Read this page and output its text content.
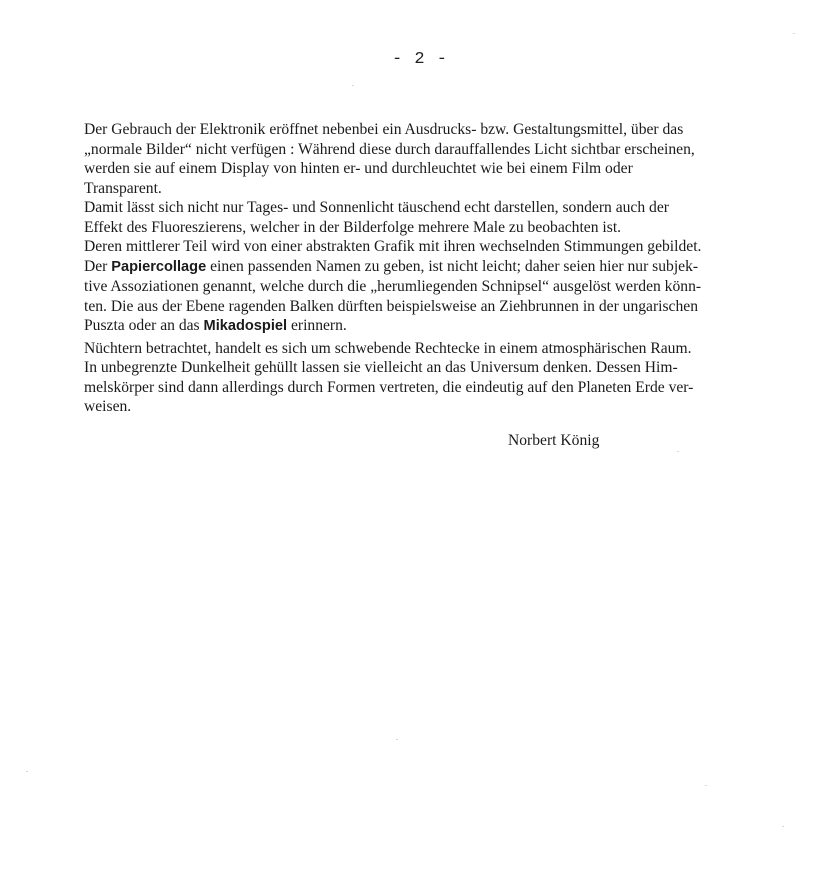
- 2 -
Der Gebrauch der Elektronik eröffnet nebenbei ein Ausdrucks- bzw. Gestaltungsmittel, über das
„normale Bilder“ nicht verfügen : Während diese durch darauffallendes Licht sichtbar erscheinen,
werden sie auf einem Display von hinten er- und durchleuchtet wie bei einem Film oder
Transparent.
Damit lässt sich nicht nur Tages- und Sonnenlicht täuschend echt darstellen, sondern auch der
Effekt des Fluoreszierens, welcher in der Bilderfolge mehrere Male zu beobachten ist.
Deren mittlerer Teil wird von einer abstrakten Grafik mit ihren wechselnden Stimmungen gebildet.
Der Papiercollage einen passenden Namen zu geben, ist nicht leicht; daher seien hier nur subjek-
tive Assoziationen genannt, welche durch die „herumliegenden Schnipsel“ ausgelöst werden könn-
ten. Die aus der Ebene ragenden Balken dürften beispielsweise an Ziehbrunnen in der ungarischen
Puszta oder an das Mikadospiel erinnern.
Nüchtern betrachtet, handelt es sich um schwebende Rechtecke in einem atmosphärischen Raum.
In unbegrenzte Dunkelheit gehüllt lassen sie vielleicht an das Universum denken. Dessen Him-
melskörper sind dann allerdings durch Formen vertreten, die eindeutig auf den Planeten Erde ver-
weisen.
Norbert König
